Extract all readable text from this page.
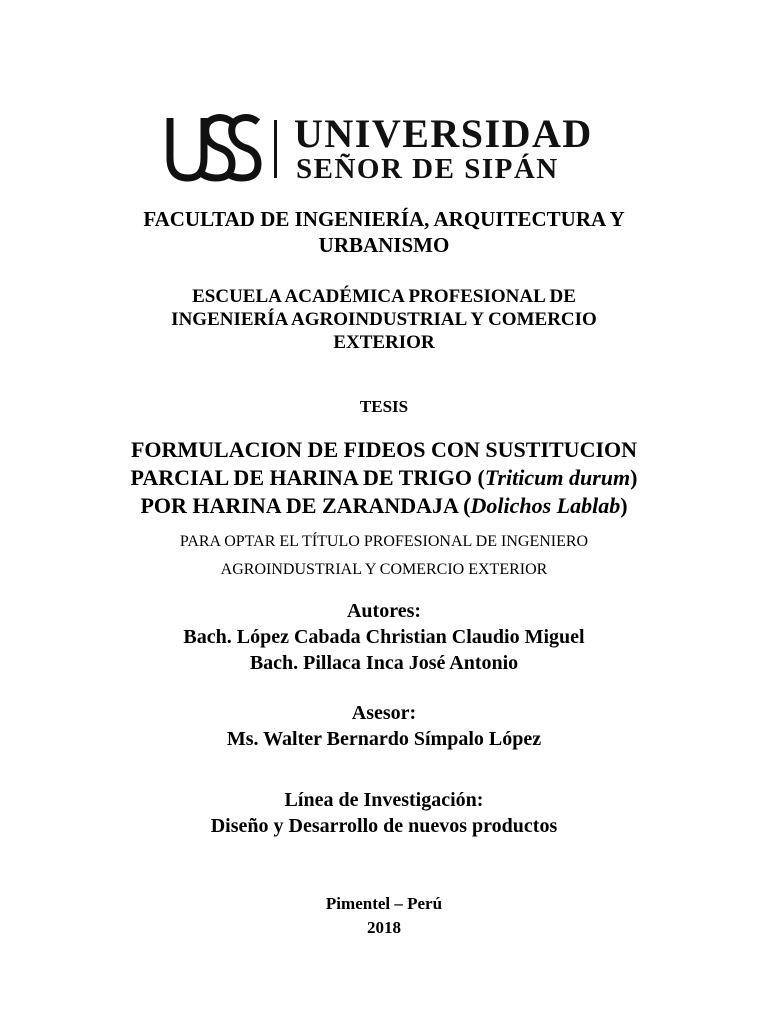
UNIVERSIDAD
SEÑOR DE SIPÁN
FACULTAD DE INGENIERÍA, ARQUITECTURA Y
URBANISMO
ESCUELA ACADÉMICA PROFESIONAL DE
INGENIERÍA AGROINDUSTRIAL Y COMERCIO
EXTERIOR
TESIS
FORMULACION DE FIDEOS CON SUSTITUCION
PARCIAL DE HARINA DE TRIGO (Triticum durum)
POR HARINA DE ZARANDAJA (Dolichos Lablab)
PARA OPTAR EL TÍTULO PROFESIONAL DE INGENIERO
AGROINDUSTRIAL Y COMERCIO EXTERIOR
Autores:
Bach. López Cabada Christian Claudio Miguel
Bach. Pillaca Inca José Antonio
Asesor:
Ms. Walter Bernardo Símpalo López
Línea de Investigación:
Diseño y Desarrollo de nuevos productos
Pimentel – Perú
2018
